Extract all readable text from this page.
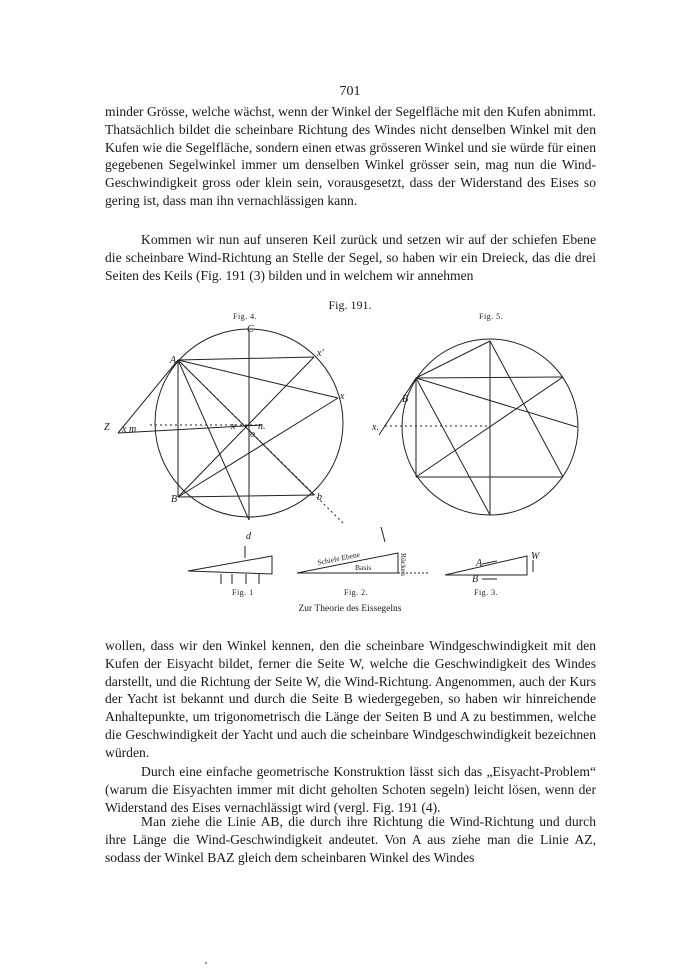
701

minder Grösse, welche wächst, wenn der Winkel der Segelfläche mit den Kufen abnimmt. Thatsächlich bildet die scheinbare Richtung des Windes nicht denselben Winkel mit den Kufen wie die Segelfläche, sondern einen etwas grösseren Winkel und sie würde für einen gegebenen Segelwinkel immer um denselben Winkel grösser sein, mag nun die Wind-Geschwindigkeit gross oder klein sein, vorausgesetzt, dass der Widerstand des Eises so gering ist, dass man ihn vernachlässigen kann.

Kommen wir nun auf unseren Keil zurück und setzen wir auf der schiefen Ebene die scheinbare Wind-Richtung an Stelle der Segel, so haben wir ein Dreieck, das die drei Seiten des Keils (Fig. 191 (3) bilden und in welchem wir annehmen

Fig. 191.
Fig. 4.	Fig. 5.
Fig. 1	Fig. 2.	Fig. 3.
C
A
x'
x
Z x m	x n.
o
B	b
d
x.
B
Schiefe Ebene
Basis	Rücken	A
W
B
Zur Theorie des Eissegelns

wollen, dass wir den Winkel kennen, den die scheinbare Windgeschwindigkeit mit den Kufen der Eisyacht bildet, ferner die Seite W, welche die Geschwindigkeit des Windes darstellt, und die Richtung der Seite W, die Wind-Richtung. Angenommen, auch der Kurs der Yacht ist bekannt und durch die Seite B wiedergegeben, so haben wir hinreichende Anhaltepunkte, um trigonometrisch die Länge der Seiten B und A zu bestimmen, welche die Geschwindigkeit der Yacht und auch die scheinbare Windgeschwindigkeit bezeichnen würden.

Durch eine einfache geometrische Konstruktion lässt sich das „Eisyacht-Problem“ (warum die Eisyachten immer mit dicht geholten Schoten segeln) leicht lösen, wenn der Widerstand des Eises vernachlässigt wird (vergl. Fig. 191 (4).

Man ziehe die Linie AB, die durch ihre Richtung die Wind-Richtung und durch ihre Länge die Wind-Geschwindigkeit andeutet. Von A aus ziehe man die Linie AZ, sodass der Winkel BAZ gleich dem scheinbaren Winkel des Windes
